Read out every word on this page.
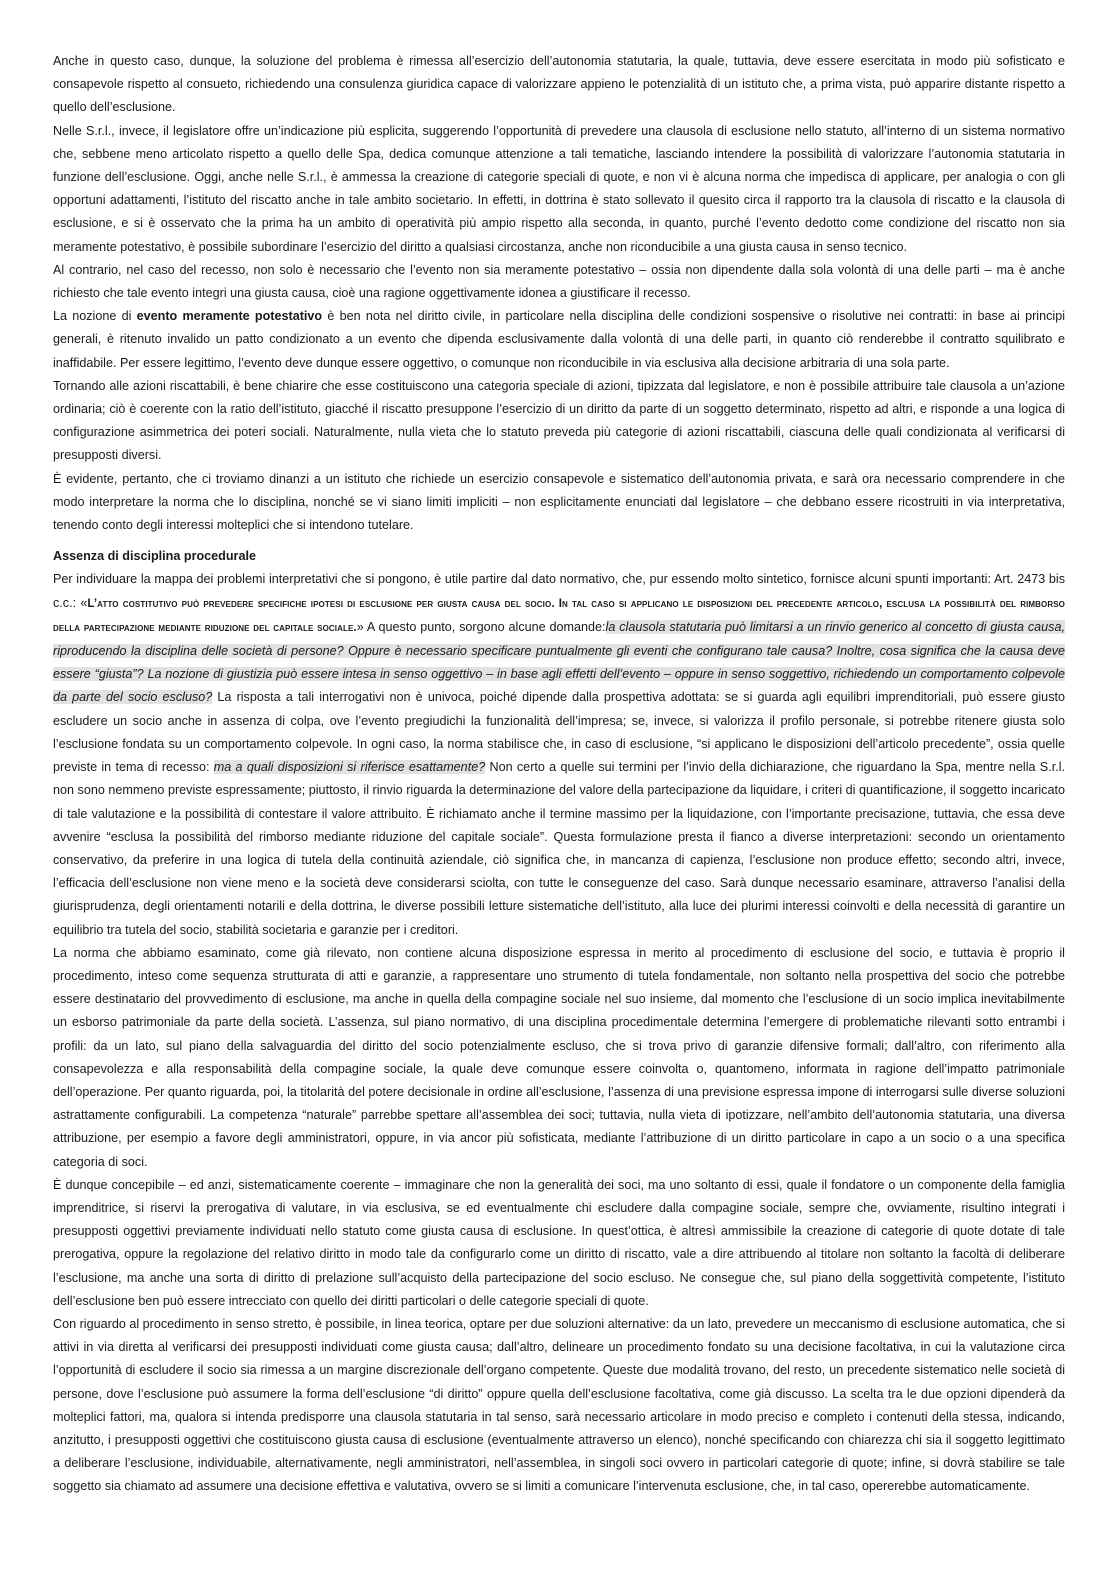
Anche in questo caso, dunque, la soluzione del problema è rimessa all’esercizio dell’autonomia statutaria, la quale, tuttavia, deve essere esercitata in modo più sofisticato e consapevole rispetto al consueto, richiedendo una consulenza giuridica capace di valorizzare appieno le potenzialità di un istituto che, a prima vista, può apparire distante rispetto a quello dell’esclusione.

Nelle S.r.l., invece, il legislatore offre un’indicazione più esplicita, suggerendo l’opportunità di prevedere una clausola di esclusione nello statuto, all’interno di un sistema normativo che, sebbene meno articolato rispetto a quello delle Spa, dedica comunque attenzione a tali tematiche, lasciando intendere la possibilità di valorizzare l’autonomia statutaria in funzione dell’esclusione. Oggi, anche nelle S.r.l., è ammessa la creazione di categorie speciali di quote, e non vi è alcuna norma che impedisca di applicare, per analogia o con gli opportuni adattamenti, l’istituto del riscatto anche in tale ambito societario. In effetti, in dottrina è stato sollevato il quesito circa il rapporto tra la clausola di riscatto e la clausola di esclusione, e si è osservato che la prima ha un ambito di operatività più ampio rispetto alla seconda, in quanto, purché l’evento dedotto come condizione del riscatto non sia meramente potestativo, è possibile subordinare l’esercizio del diritto a qualsiasi circostanza, anche non riconducibile a una giusta causa in senso tecnico.

Al contrario, nel caso del recesso, non solo è necessario che l’evento non sia meramente potestativo – ossia non dipendente dalla sola volontà di una delle parti – ma è anche richiesto che tale evento integri una giusta causa, cioè una ragione oggettivamente idonea a giustificare il recesso.

La nozione di evento meramente potestativo è ben nota nel diritto civile, in particolare nella disciplina delle condizioni sospensive o risolutive nei contratti: in base ai principi generali, è ritenuto invalido un patto condizionato a un evento che dipenda esclusivamente dalla volontà di una delle parti, in quanto ciò renderebbe il contratto squilibrato e inaffidabile. Per essere legittimo, l’evento deve dunque essere oggettivo, o comunque non riconducibile in via esclusiva alla decisione arbitraria di una sola parte.

Tornando alle azioni riscattabili, è bene chiarire che esse costituiscono una categoria speciale di azioni, tipizzata dal legislatore, e non è possibile attribuire tale clausola a un’azione ordinaria; ciò è coerente con la ratio dell’istituto, giacché il riscatto presuppone l’esercizio di un diritto da parte di un soggetto determinato, rispetto ad altri, e risponde a una logica di configurazione asimmetrica dei poteri sociali. Naturalmente, nulla vieta che lo statuto preveda più categorie di azioni riscattabili, ciascuna delle quali condizionata al verificarsi di presupposti diversi.

È evidente, pertanto, che ci troviamo dinanzi a un istituto che richiede un esercizio consapevole e sistematico dell’autonomia privata, e sarà ora necessario comprendere in che modo interpretare la norma che lo disciplina, nonché se vi siano limiti impliciti – non esplicitamente enunciati dal legislatore – che debbano essere ricostruiti in via interpretativa, tenendo conto degli interessi molteplici che si intendono tutelare.

Assenza di disciplina procedurale

Per individuare la mappa dei problemi interpretativi che si pongono, è utile partire dal dato normativo, che, pur essendo molto sintetico, fornisce alcuni spunti importanti: Art. 2473 bis c.c.: «L’atto costitutivo può prevedere specifiche ipotesi di esclusione per giusta causa del socio. In tal caso si applicano le disposizioni del precedente articolo, esclusa la possibilità del rimborso della partecipazione mediante riduzione del capitale sociale.» A questo punto, sorgono alcune domande:la clausola statutaria può limitarsi a un rinvio generico al concetto di giusta causa, riproducendo la disciplina delle società di persone? Oppure è necessario specificare puntualmente gli eventi che configurano tale causa? Inoltre, cosa significa che la causa deve essere “giusta”? La nozione di giustizia può essere intesa in senso oggettivo – in base agli effetti dell’evento – oppure in senso soggettivo, richiedendo un comportamento colpevole da parte del socio escluso? La risposta a tali interrogativi non è univoca, poiché dipende dalla prospettiva adottata: se si guarda agli equilibri imprenditoriali, può essere giusto escludere un socio anche in assenza di colpa, ove l’evento pregiudichi la funzionalità dell’impresa; se, invece, si valorizza il profilo personale, si potrebbe ritenere giusta solo l’esclusione fondata su un comportamento colpevole. In ogni caso, la norma stabilisce che, in caso di esclusione, “si applicano le disposizioni dell’articolo precedente”, ossia quelle previste in tema di recesso: ma a quali disposizioni si riferisce esattamente? Non certo a quelle sui termini per l’invio della dichiarazione, che riguardano la Spa, mentre nella S.r.l. non sono nemmeno previste espressamente; piuttosto, il rinvio riguarda la determinazione del valore della partecipazione da liquidare, i criteri di quantificazione, il soggetto incaricato di tale valutazione e la possibilità di contestare il valore attribuito. È richiamato anche il termine massimo per la liquidazione, con l’importante precisazione, tuttavia, che essa deve avvenire “esclusa la possibilità del rimborso mediante riduzione del capitale sociale”. Questa formulazione presta il fianco a diverse interpretazioni: secondo un orientamento conservativo, da preferire in una logica di tutela della continuità aziendale, ciò significa che, in mancanza di capienza, l’esclusione non produce effetto; secondo altri, invece, l’efficacia dell’esclusione non viene meno e la società deve considerarsi sciolta, con tutte le conseguenze del caso. Sarà dunque necessario esaminare, attraverso l’analisi della giurisprudenza, degli orientamenti notarili e della dottrina, le diverse possibili letture sistematiche dell’istituto, alla luce dei plurimi interessi coinvolti e della necessità di garantire un equilibrio tra tutela del socio, stabilità societaria e garanzie per i creditori.

La norma che abbiamo esaminato, come già rilevato, non contiene alcuna disposizione espressa in merito al procedimento di esclusione del socio, e tuttavia è proprio il procedimento, inteso come sequenza strutturata di atti e garanzie, a rappresentare uno strumento di tutela fondamentale, non soltanto nella prospettiva del socio che potrebbe essere destinatario del provvedimento di esclusione, ma anche in quella della compagine sociale nel suo insieme, dal momento che l’esclusione di un socio implica inevitabilmente un esborso patrimoniale da parte della società. L’assenza, sul piano normativo, di una disciplina procedimentale determina l’emergere di problematiche rilevanti sotto entrambi i profili: da un lato, sul piano della salvaguardia del diritto del socio potenzialmente escluso, che si trova privo di garanzie difensive formali; dall’altro, con riferimento alla consapevolezza e alla responsabilità della compagine sociale, la quale deve comunque essere coinvolta o, quantomeno, informata in ragione dell’impatto patrimoniale dell’operazione. Per quanto riguarda, poi, la titolarità del potere decisionale in ordine all’esclusione, l’assenza di una previsione espressa impone di interrogarsi sulle diverse soluzioni astrattamente configurabili. La competenza “naturale” parrebbe spettare all’assemblea dei soci; tuttavia, nulla vieta di ipotizzare, nell’ambito dell’autonomia statutaria, una diversa attribuzione, per esempio a favore degli amministratori, oppure, in via ancor più sofisticata, mediante l’attribuzione di un diritto particolare in capo a un socio o a una specifica categoria di soci.

È dunque concepibile – ed anzi, sistematicamente coerente – immaginare che non la generalità dei soci, ma uno soltanto di essi, quale il fondatore o un componente della famiglia imprenditrice, si riservi la prerogativa di valutare, in via esclusiva, se ed eventualmente chi escludere dalla compagine sociale, sempre che, ovviamente, risultino integrati i presupposti oggettivi previamente individuati nello statuto come giusta causa di esclusione. In quest’ottica, è altresì ammissibile la creazione di categorie di quote dotate di tale prerogativa, oppure la regolazione del relativo diritto in modo tale da configurarlo come un diritto di riscatto, vale a dire attribuendo al titolare non soltanto la facoltà di deliberare l’esclusione, ma anche una sorta di diritto di prelazione sull’acquisto della partecipazione del socio escluso. Ne consegue che, sul piano della soggettività competente, l’istituto dell’esclusione ben può essere intrecciato con quello dei diritti particolari o delle categorie speciali di quote.

Con riguardo al procedimento in senso stretto, è possibile, in linea teorica, optare per due soluzioni alternative: da un lato, prevedere un meccanismo di esclusione automatica, che si attivi in via diretta al verificarsi dei presupposti individuati come giusta causa; dall’altro, delineare un procedimento fondato su una decisione facoltativa, in cui la valutazione circa l’opportunità di escludere il socio sia rimessa a un margine discrezionale dell’organo competente. Queste due modalità trovano, del resto, un precedente sistematico nelle società di persone, dove l’esclusione può assumere la forma dell’esclusione “di diritto” oppure quella dell’esclusione facoltativa, come già discusso. La scelta tra le due opzioni dipenderà da molteplici fattori, ma, qualora si intenda predisporre una clausola statutaria in tal senso, sarà necessario articolare in modo preciso e completo i contenuti della stessa, indicando, anzitutto, i presupposti oggettivi che costituiscono giusta causa di esclusione (eventualmente attraverso un elenco), nonché specificando con chiarezza chi sia il soggetto legittimato a deliberare l’esclusione, individuabile, alternativamente, negli amministratori, nell’assemblea, in singoli soci ovvero in particolari categorie di quote; infine, si dovrà stabilire se tale soggetto sia chiamato ad assumere una decisione effettiva e valutativa, ovvero se si limiti a comunicare l’intervenuta esclusione, che, in tal caso, opererebbe automaticamente.
